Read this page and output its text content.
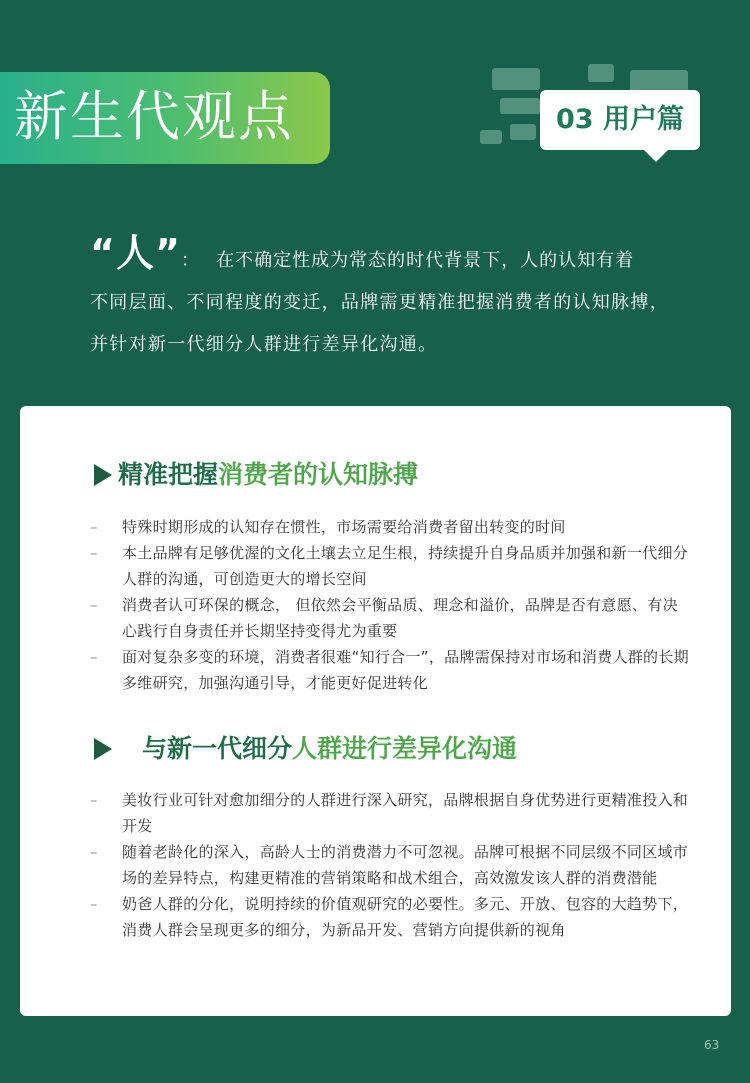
新生代观点	03 用户篇
“人”： 在不确定性成为常态的时代背景下，人的认知有着
不同层面、不同程度的变迁，品牌需更精准把握消费者的认知脉搏，并针对新一代细分人群进行差异化沟通。
精准把握消费者的认知脉搏
– 特殊时期形成的认知存在惯性，市场需要给消费者留出转变的时间
– 本土品牌有足够优渥的文化土壤去立足生根，持续提升自身品质并加强和新一代细分人群的沟通，可创造更大的增长空间
– 消费者认可环保的概念， 但依然会平衡品质、理念和溢价，品牌是否有意愿、有决心践行自身责任并长期坚持变得尤为重要
– 面对复杂多变的环境，消费者很难“知行合一”，品牌需保持对市场和消费人群的长期多维研究，加强沟通引导，才能更好促进转化
与新一代细分人群进行差异化沟通
– 美妆行业可针对愈加细分的人群进行深入研究，品牌根据自身优势进行更精准投入和开发
– 随着老龄化的深入，高龄人士的消费潜力不可忽视。品牌可根据不同层级不同区域市场的差异特点，构建更精准的营销策略和战术组合，高效激发该人群的消费潜能
– 奶爸人群的分化，说明持续的价值观研究的必要性。多元、开放、包容的大趋势下，消费人群会呈现更多的细分，为新品开发、营销方向提供新的视角
63
